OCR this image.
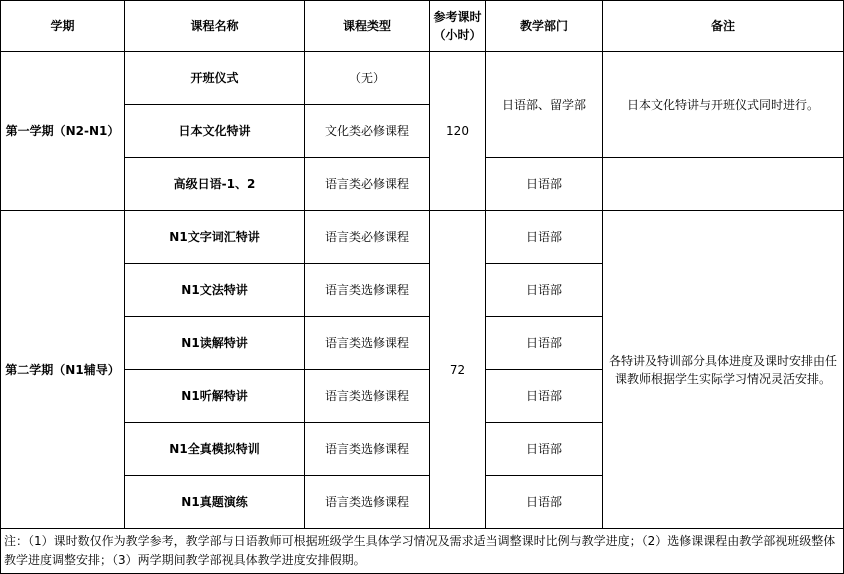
学期	课程名称	课程类型	参考课时（小时）	教学部门	备注
第一学期（N2-N1）	开班仪式	（无）	120	日语部、留学部	日本文化特讲与开班仪式同时进行。
	日本文化特讲	文化类必修课程			
	高级日语-1、2	语言类必修课程		日语部	
第二学期（N1辅导）	N1文字词汇特讲	语言类必修课程	72	日语部	各特讲及特训部分具体进度及课时安排由任课教师根据学生实际学习情况灵活安排。
	N1文法特讲	语言类选修课程		日语部	
	N1读解特讲	语言类选修课程		日语部	
	N1听解特讲	语言类选修课程		日语部	
	N1全真模拟特训	语言类选修课程		日语部	
	N1真题演练	语言类选修课程		日语部	
注：（1）课时数仅作为教学参考，教学部与日语教师可根据班级学生具体学习情况及需求适当调整课时比例与教学进度；（2）选修课课程由教学部视班级整体教学进度调整安排；（3）两学期间教学部视具体教学进度安排假期。					
